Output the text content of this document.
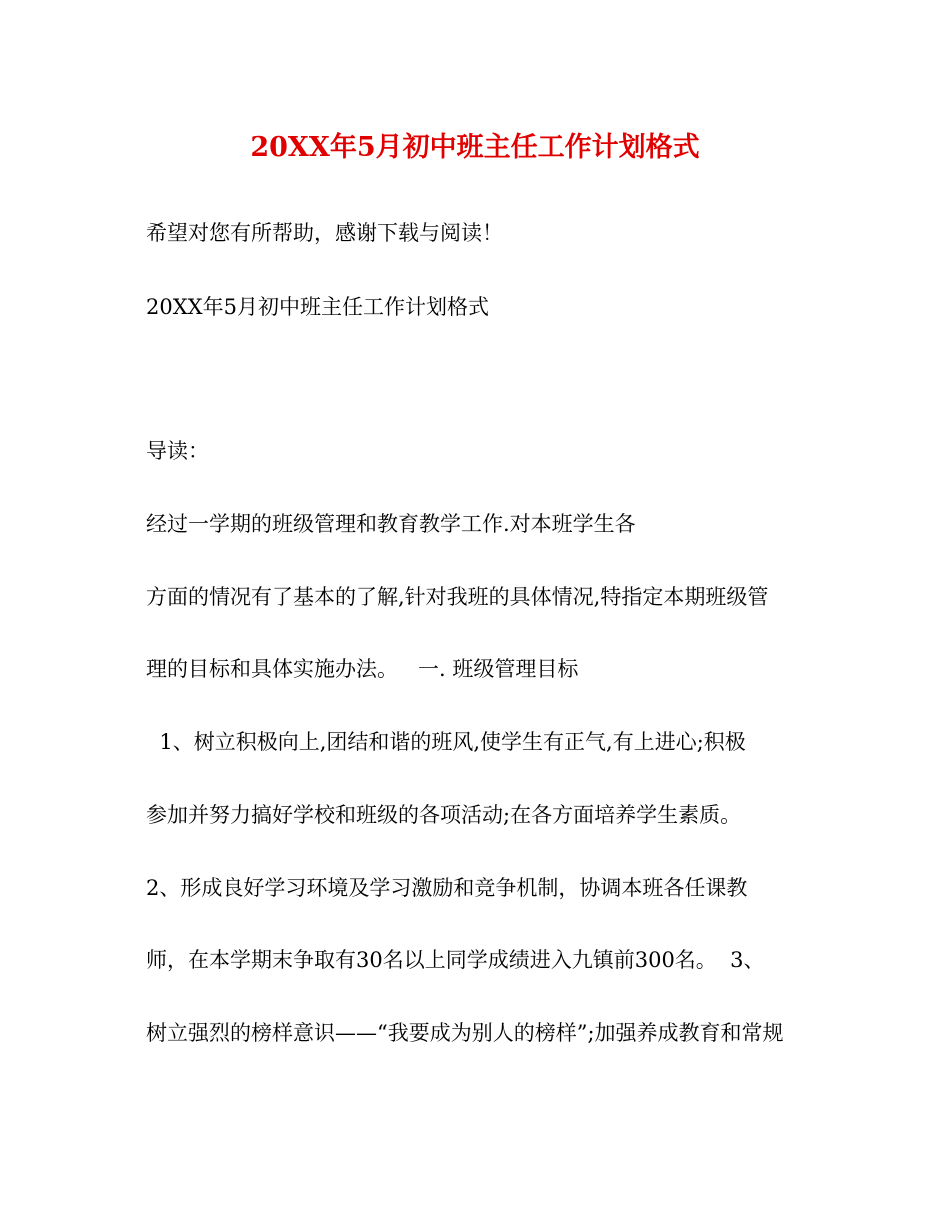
20XX年5月初中班主任工作计划格式
希望对您有所帮助，感谢下载与阅读！
20XX年5月初中班主任工作计划格式
导读：
经过一学期的班级管理和教育教学工作.对本班学生各
方面的情况有了基本的了解,针对我班的具体情况,特指定本期班级管
理的目标和具体实施办法。   一. 班级管理目标
1、树立积极向上,团结和谐的班风,使学生有正气,有上进心;积极
参加并努力搞好学校和班级的各项活动;在各方面培养学生素质。
2、形成良好学习环境及学习激励和竞争机制，协调本班各任课教
师，在本学期末争取有30名以上同学成绩进入九镇前300名。  3、
树立强烈的榜样意识——“我要成为别人的榜样”;加强养成教育和常规
